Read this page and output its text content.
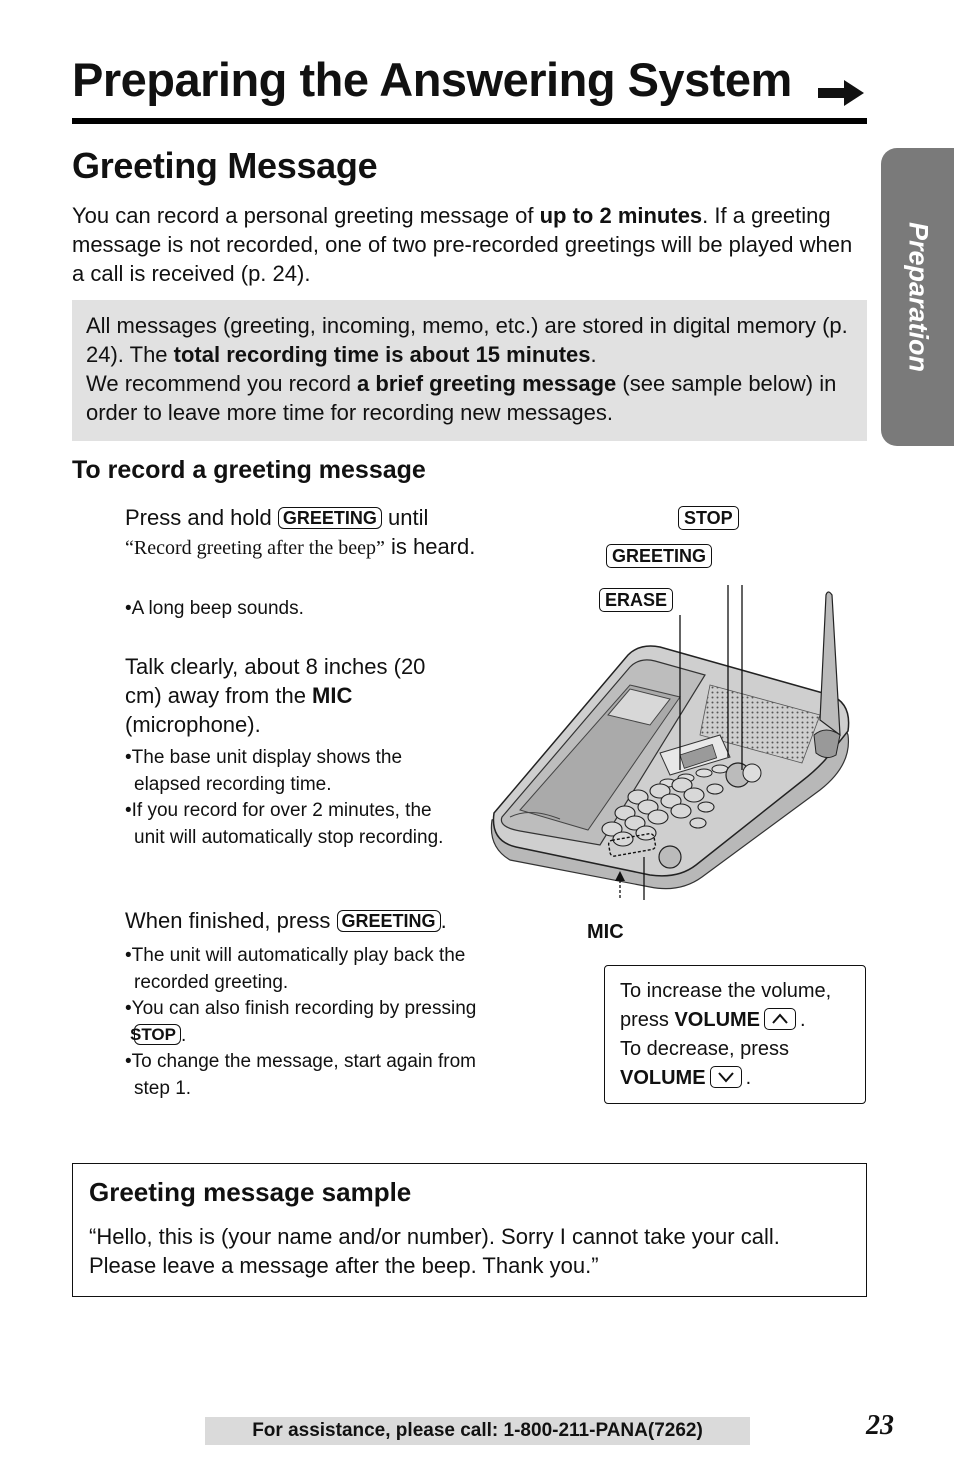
Preparing the Answering System
Preparation
Greeting Message
You can record a personal greeting message of up to 2 minutes. If a greeting message is not recorded, one of two pre-recorded greetings will be played when a call is received (p. 24).
All messages (greeting, incoming, memo, etc.) are stored in digital memory (p. 24). The total recording time is about 15 minutes.
We recommend you record a brief greeting message (see sample below) in order to leave more time for recording new messages.
To record a greeting message
Press and hold GREETING until
“Record greeting after the beep” is heard.
•A long beep sounds.
Talk clearly, about 8 inches (20 cm) away from the MIC (microphone).
•The base unit display shows the elapsed recording time.
•If you record for over 2 minutes, the unit will automatically stop recording.
When finished, press GREETING .
•The unit will automatically play back the recorded greeting.
•You can also finish recording by pressing STOP .
•To change the message, start again from step 1.
STOP
GREETING
ERASE
MIC
To increase the volume,
press VOLUME .
To decrease, press
VOLUME .
Greeting message sample
“Hello, this is (your name and/or number). Sorry I cannot take your call. Please leave a message after the beep. Thank you.”
For assistance, please call: 1-800-211-PANA(7262)	23
